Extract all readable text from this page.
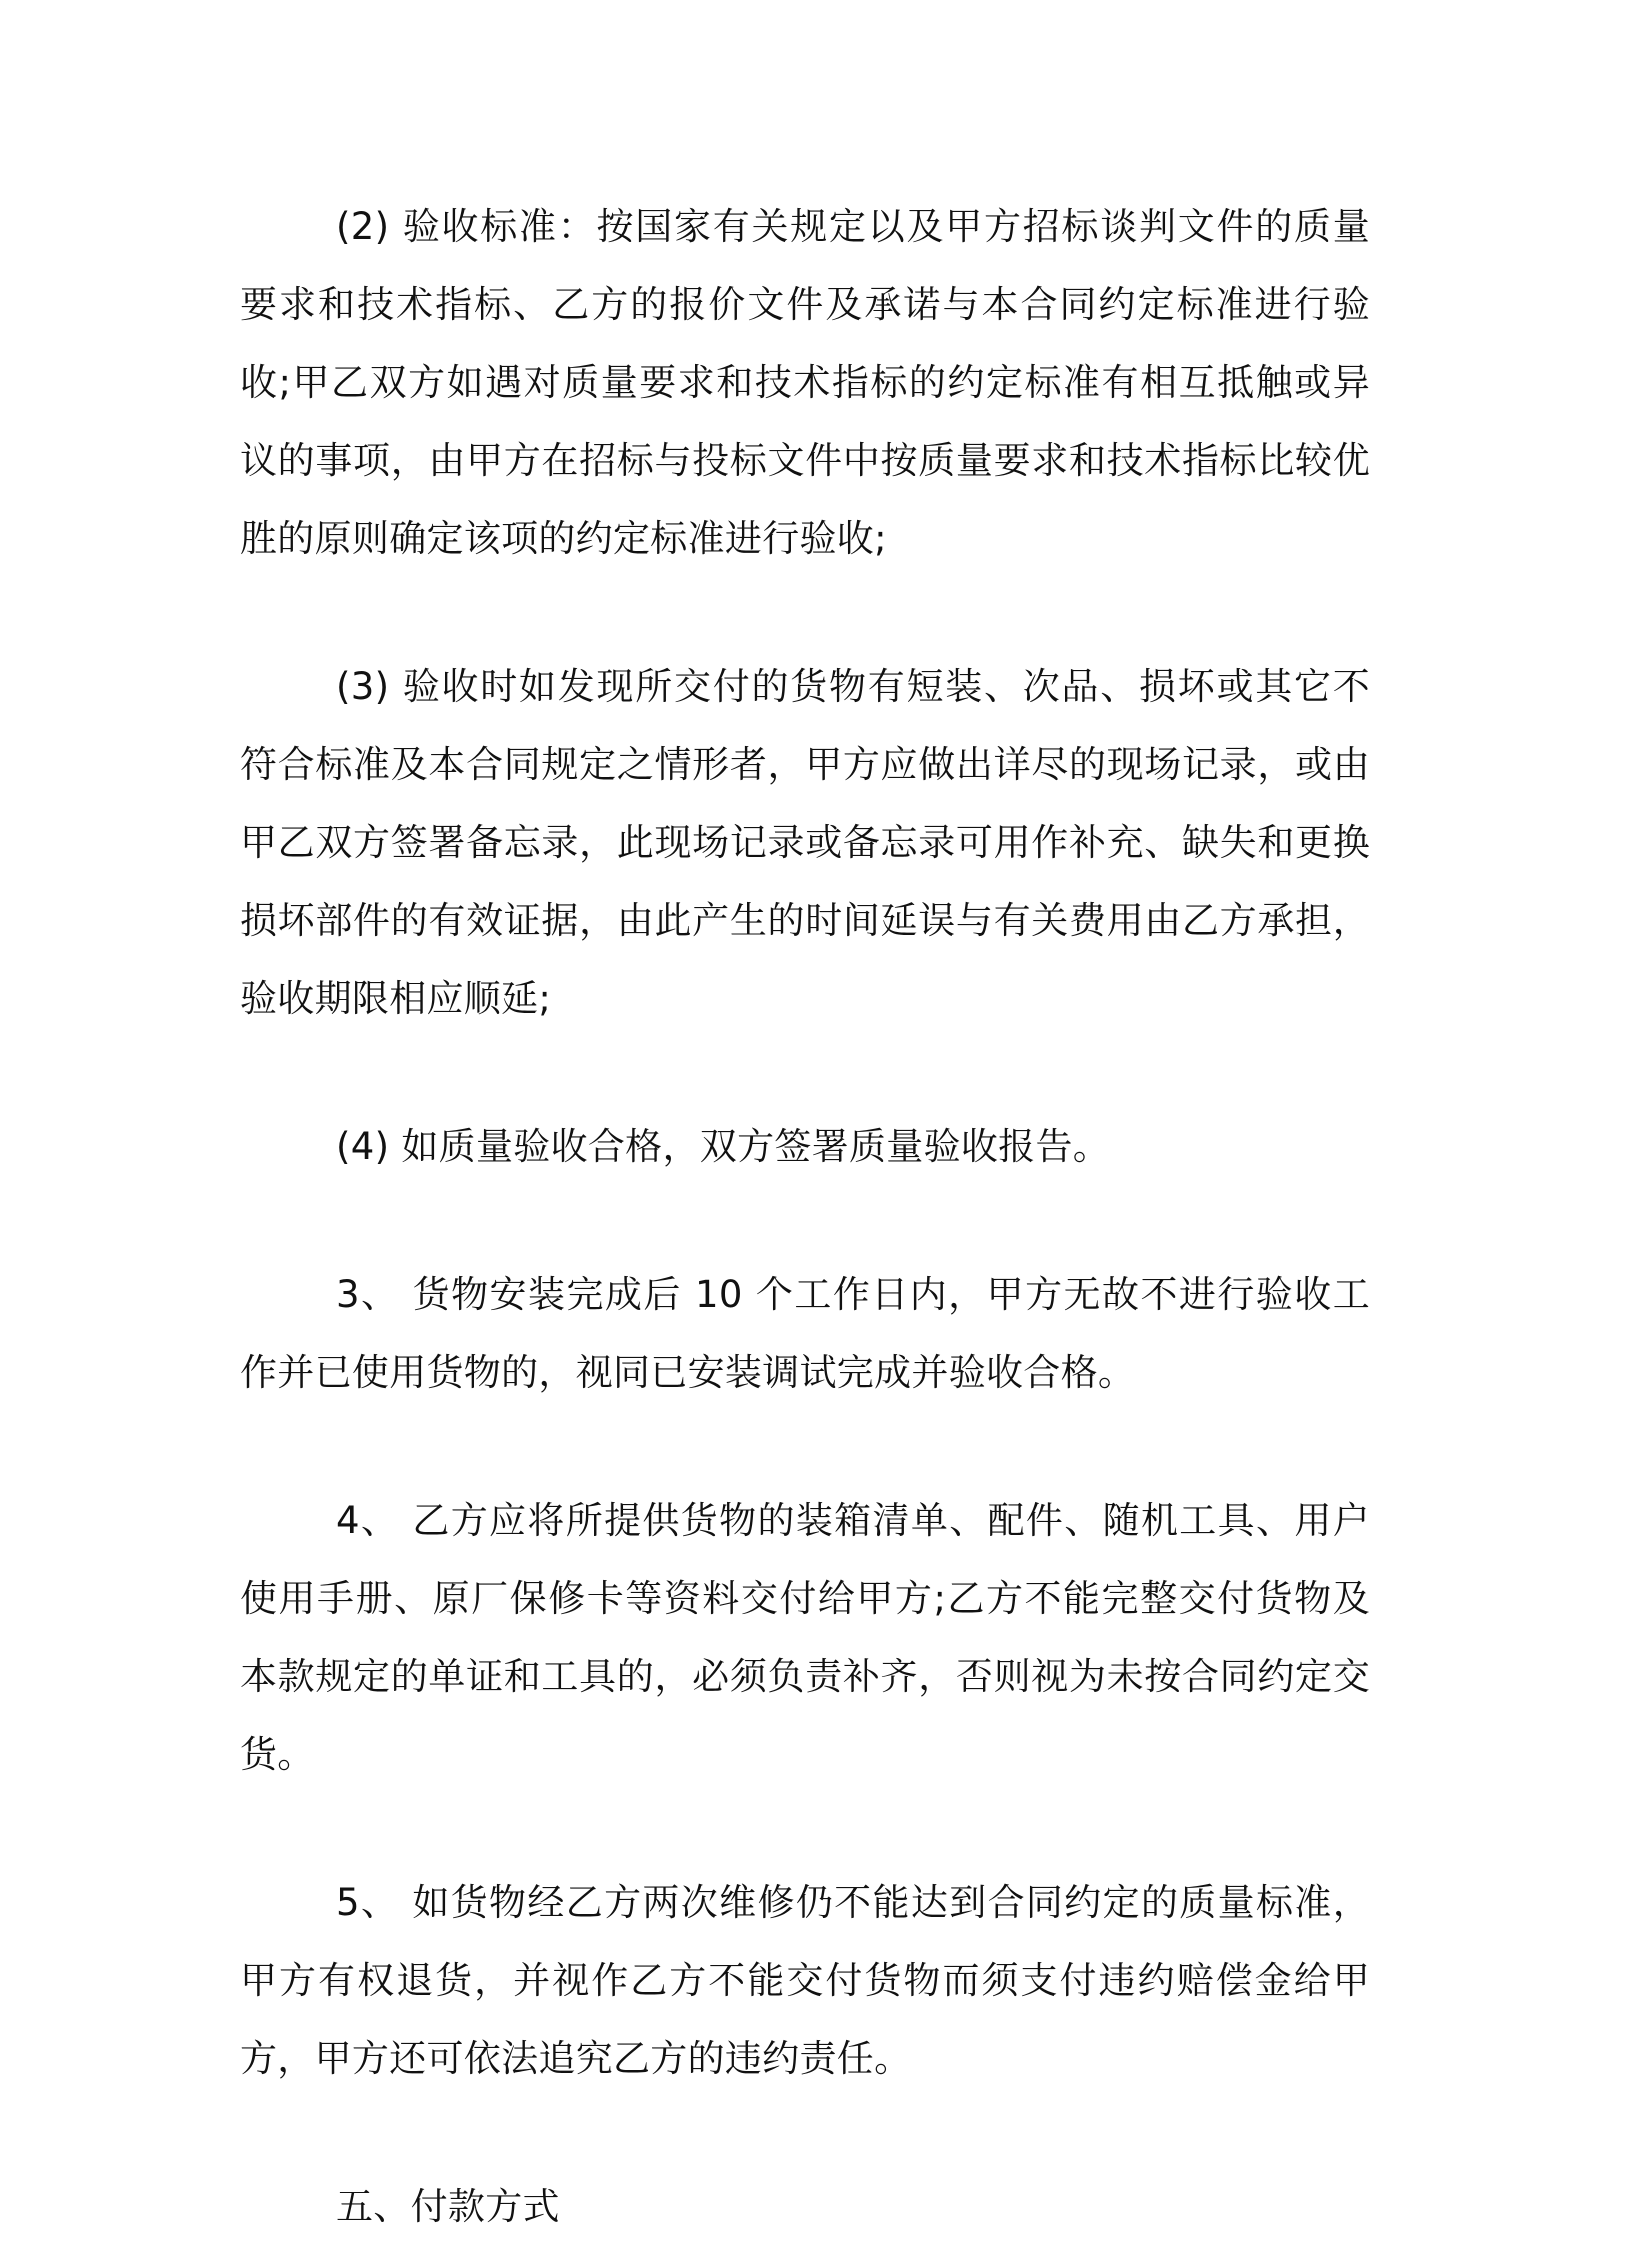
(2) 验收标准：按国家有关规定以及甲方招标谈判文件的质量要求和技术指标、乙方的报价文件及承诺与本合同约定标准进行验收;甲乙双方如遇对质量要求和技术指标的约定标准有相互抵触或异议的事项，由甲方在招标与投标文件中按质量要求和技术指标比较优胜的原则确定该项的约定标准进行验收;

(3) 验收时如发现所交付的货物有短装、次品、损坏或其它不符合标准及本合同规定之情形者，甲方应做出详尽的现场记录，或由甲乙双方签署备忘录，此现场记录或备忘录可用作补充、缺失和更换损坏部件的有效证据，由此产生的时间延误与有关费用由乙方承担，验收期限相应顺延;

(4) 如质量验收合格，双方签署质量验收报告。

3、 货物安装完成后 10 个工作日内，甲方无故不进行验收工作并已使用货物的，视同已安装调试完成并验收合格。

4、 乙方应将所提供货物的装箱清单、配件、随机工具、用户使用手册、原厂保修卡等资料交付给甲方;乙方不能完整交付货物及本款规定的单证和工具的，必须负责补齐，否则视为未按合同约定交货。

5、 如货物经乙方两次维修仍不能达到合同约定的质量标准，甲方有权退货，并视作乙方不能交付货物而须支付违约赔偿金给甲方，甲方还可依法追究乙方的违约责任。

五、付款方式
